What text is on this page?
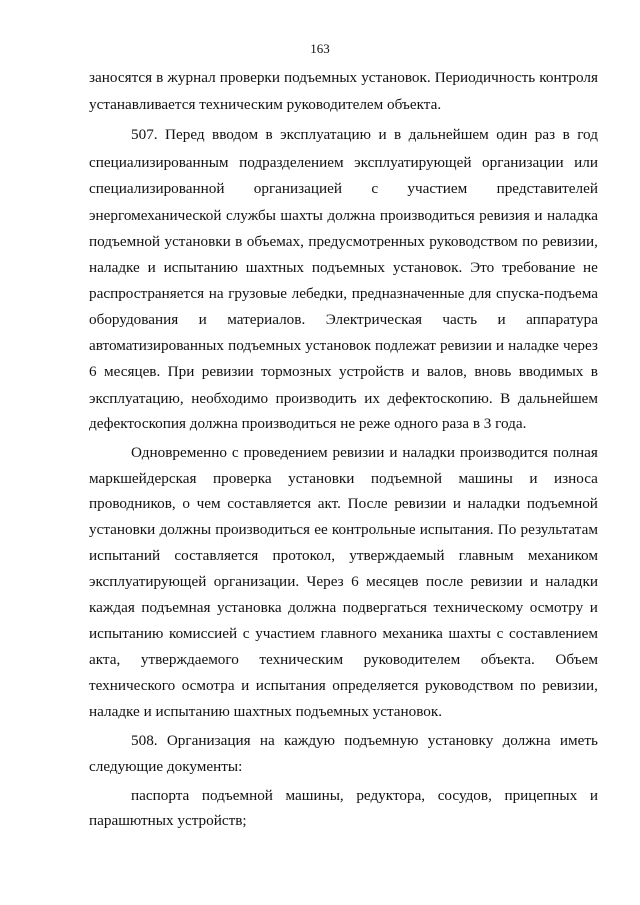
163
заносятся в журнал проверки подъемных установок. Периодичность контроля
устанавливается техническим руководителем объекта.
507. Перед вводом в эксплуатацию и в дальнейшем один раз в год
специализированным подразделением эксплуатирующей организации или
специализированной организацией с участием представителей
энергомеханической службы шахты должна производиться ревизия и наладка
подъемной установки в объемах, предусмотренных руководством по ревизии,
наладке и испытанию шахтных подъемных установок. Это требование не
распространяется на грузовые лебедки, предназначенные для спуска-подъема
оборудования и материалов. Электрическая часть и аппаратура
автоматизированных подъемных установок подлежат ревизии и наладке через
6 месяцев. При ревизии тормозных устройств и валов, вновь вводимых в
эксплуатацию, необходимо производить их дефектоскопию. В дальнейшем
дефектоскопия должна производиться не реже одного раза в 3 года.
Одновременно с проведением ревизии и наладки производится полная
маркшейдерская проверка установки подъемной машины и износа
проводников, о чем составляется акт. После ревизии и наладки подъемной
установки должны производиться ее контрольные испытания. По результатам
испытаний составляется протокол, утверждаемый главным механиком
эксплуатирующей организации. Через 6 месяцев после ревизии и наладки
каждая подъемная установка должна подвергаться техническому осмотру и
испытанию комиссией с участием главного механика шахты с составлением
акта, утверждаемого техническим руководителем объекта. Объем
технического осмотра и испытания определяется руководством по ревизии,
наладке и испытанию шахтных подъемных установок.
508. Организация на каждую подъемную установку должна иметь
следующие документы:
паспорта подъемной машины, редуктора, сосудов, прицепных и
парашютных устройств;
